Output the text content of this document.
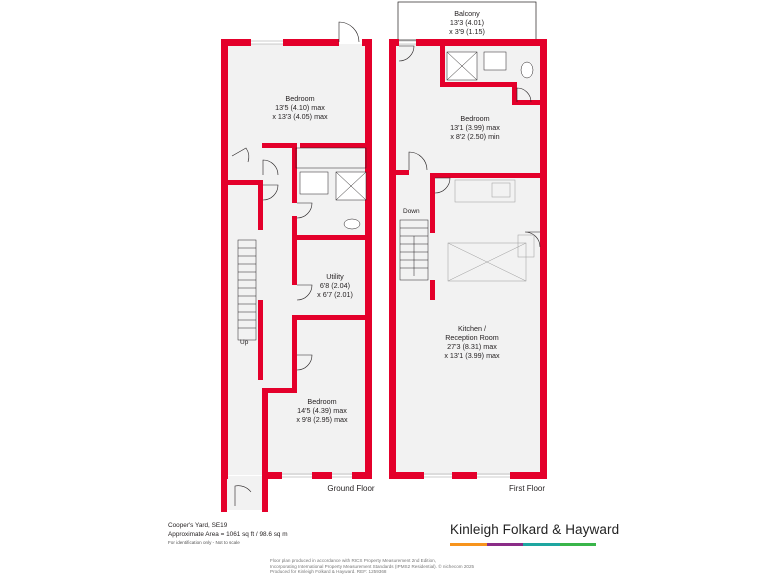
Balcony
13'3 (4.01)
x 3'9 (1.15)
Bedroom
13'5 (4.10) max
x 13'3 (4.05) max
Utility
6'8 (2.04)
x 6'7 (2.01)
Bedroom
14'5 (4.39) max
x 9'8 (2.95) max
Bedroom
13'1 (3.99) max
x 8'2 (2.50) min
Kitchen /
Reception Room
27'3 (8.31) max
x 13'1 (3.99) max
Up
Down
Ground Floor	First Floor
Cooper's Yard, SE19
Approximate Area = 1061 sq ft / 98.6 sq m
For identification only - Not to scale
Kinleigh Folkard & Hayward
Floor plan produced in accordance with RICS Property Measurement 2nd Edition,
Incorporating International Property Measurement Standards (IPMS2 Residential). © nichecom 2025
Produced for Kinleigh Folkard & Hayward. REF: 1259368
